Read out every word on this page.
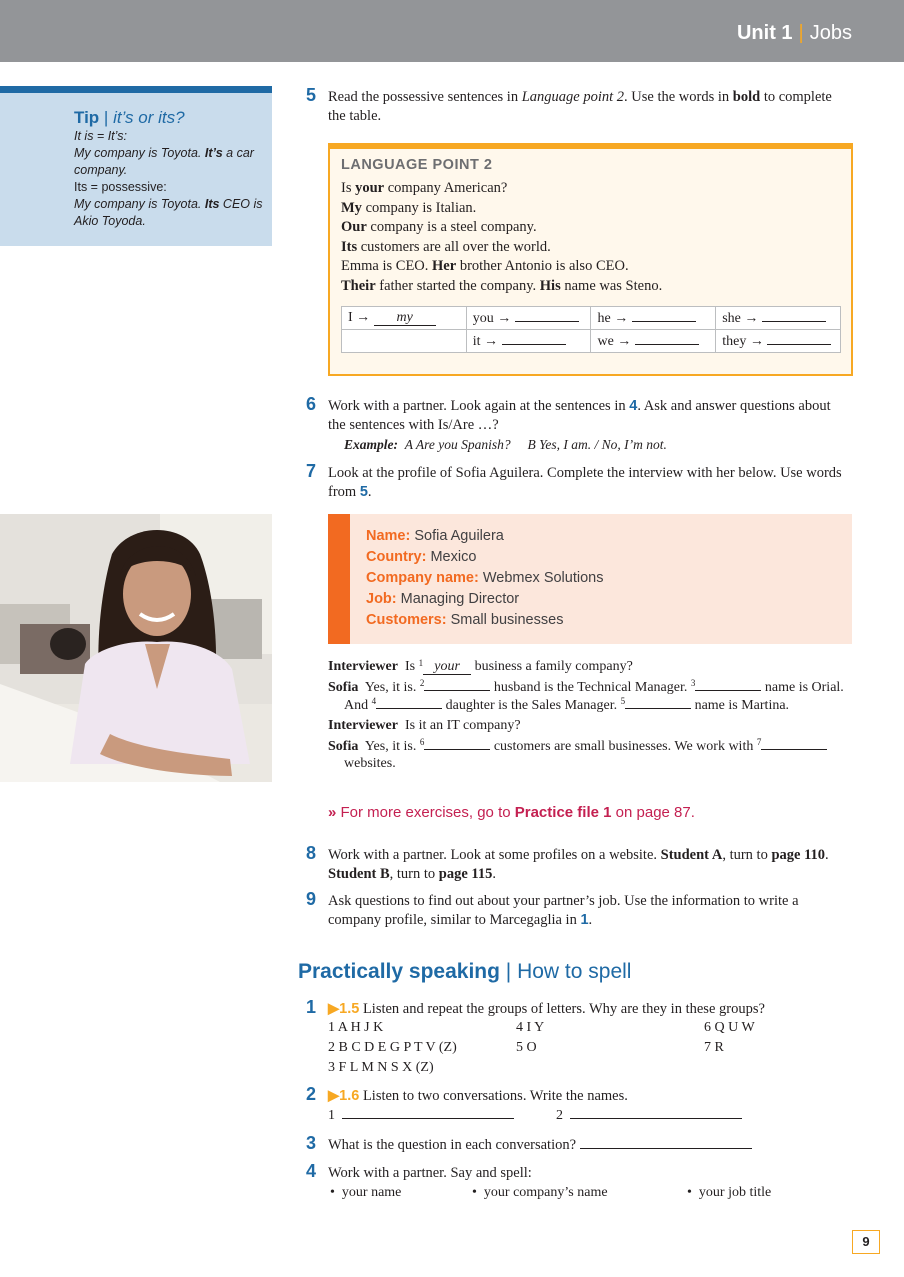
Unit 1 | Jobs
Tip | it’s or its?
It is = It’s:
My company is Toyota. It’s a car company.
Its = possessive:
My company is Toyota. Its CEO is Akio Toyoda.
5 Read the possessive sentences in Language point 2. Use the words in bold to complete the table.
LANGUAGE POINT 2
Is your company American?
My company is Italian.
Our company is a steel company.
Its customers are all over the world.
Emma is CEO. Her brother Antonio is also CEO.
Their father started the company. His name was Steno.
I → my	you →	he →	she →
	it →	we →	they →
6 Work with a partner. Look again at the sentences in 4. Ask and answer questions about the sentences with Is/Are …?
Example: A Are you Spanish? B Yes, I am. / No, I’m not.
7 Look at the profile of Sofia Aguilera. Complete the interview with her below. Use words from 5.
Name: Sofia Aguilera
Country: Mexico
Company name: Webmex Solutions
Job: Managing Director
Customers: Small businesses
Interviewer Is $^1$ your business a family company?
Sofia Yes, it is. $^2$	husband is the Technical Manager. $^3$	name is Orial. And $^4$	daughter is the Sales Manager. $^5$	name is Martina.
Interviewer Is it an IT company?
Sofia Yes, it is. $^6$	customers are small businesses. We work with $^7$ websites.
» For more exercises, go to Practice file 1 on page 87.
8 Work with a partner. Look at some profiles on a website. Student A, turn to page 110. Student B, turn to page 115.
9 Ask questions to find out about your partner’s job. Use the information to write a company profile, similar to Marcegaglia in 1.
Practically speaking | How to spell
1 ▶1.5 Listen and repeat the groups of letters. Why are they in these groups?
1 A H J K
2 B C D E G P T V (Z)
3 F L M N S X (Z)
4 I Y
5 O
6 Q U W
7 R
2 ▶1.6 Listen to two conversations. Write the names.
1	2
3 What is the question in each conversation?
4 Work with a partner. Say and spell:
•  your name	•  your company’s name	•  your job title
9
